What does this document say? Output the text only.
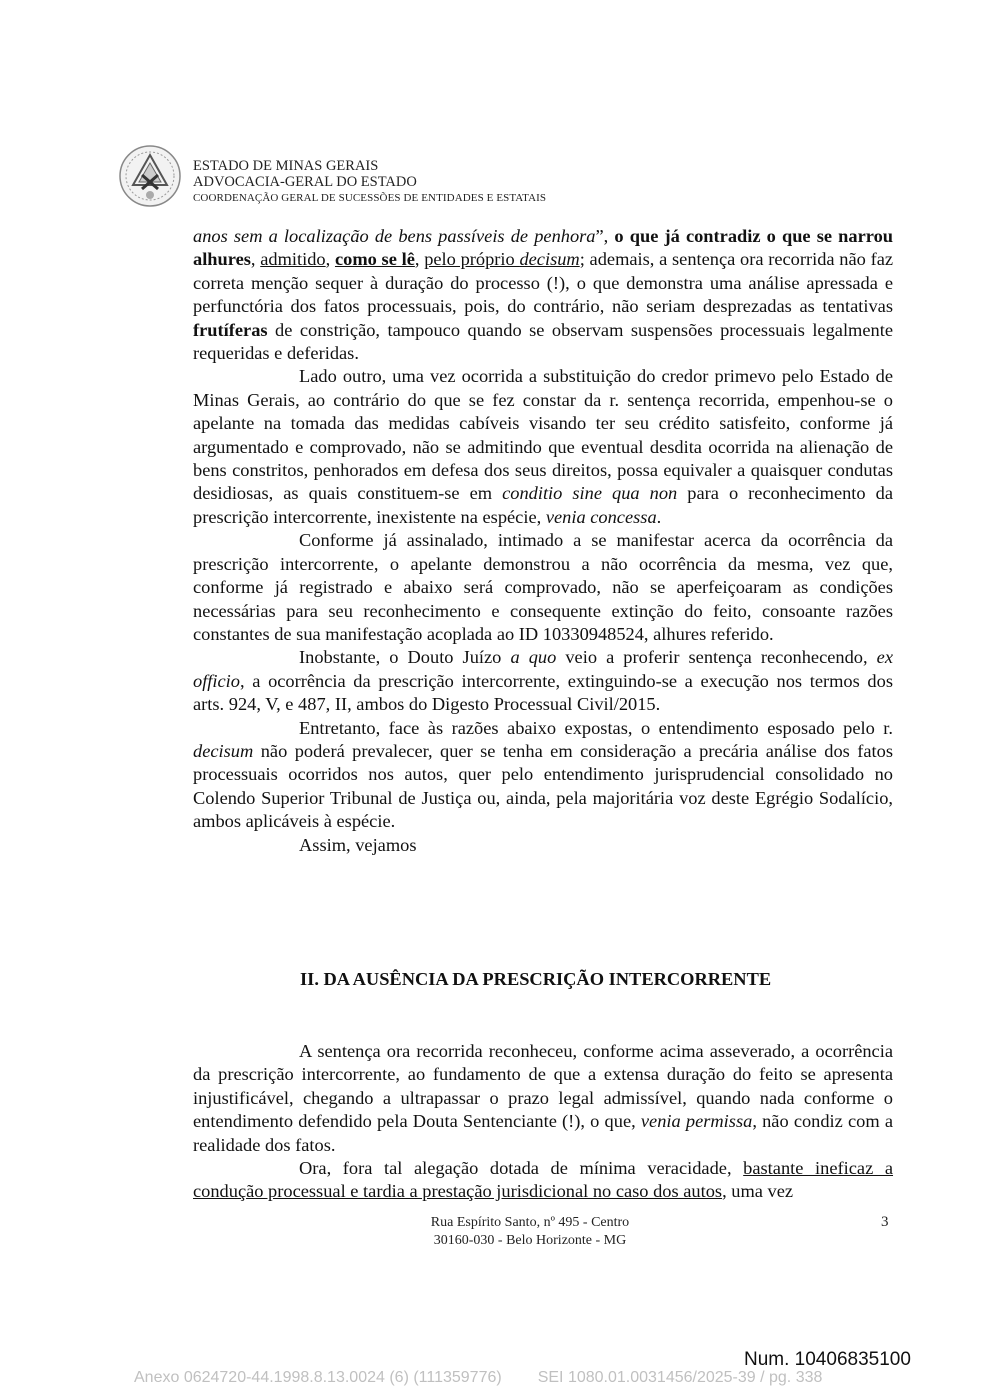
ESTADO DE MINAS GERAIS
ADVOCACIA-GERAL DO ESTADO
COORDENAÇÃO GERAL DE SUCESSÕES DE ENTIDADES E ESTATAIS

anos sem a localização de bens passíveis de penhora”, o que já contradiz o que se narrou alhures, admitido, como se lê, pelo próprio decisum; ademais, a sentença ora recorrida não faz correta menção sequer à duração do processo (!), o que demonstra uma análise apressada e perfunctória dos fatos processuais, pois, do contrário, não seriam desprezadas as tentativas frutíferas de constrição, tampouco quando se observam suspensões processuais legalmente requeridas e deferidas.

Lado outro, uma vez ocorrida a substituição do credor primevo pelo Estado de Minas Gerais, ao contrário do que se fez constar da r. sentença recorrida, empenhou-se o apelante na tomada das medidas cabíveis visando ter seu crédito satisfeito, conforme já argumentado e comprovado, não se admitindo que eventual desdita ocorrida na alienação de bens constritos, penhorados em defesa dos seus direitos, possa equivaler a quaisquer condutas desidiosas, as quais constituem-se em conditio sine qua non para o reconhecimento da prescrição intercorrente, inexistente na espécie, venia concessa.

Conforme já assinalado, intimado a se manifestar acerca da ocorrência da prescrição intercorrente, o apelante demonstrou a não ocorrência da mesma, vez que, conforme já registrado e abaixo será comprovado, não se aperfeiçoaram as condições necessárias para seu reconhecimento e consequente extinção do feito, consoante razões constantes de sua manifestação acoplada ao ID 10330948524, alhures referido.

Inobstante, o Douto Juízo a quo veio a proferir sentença reconhecendo, ex officio, a ocorrência da prescrição intercorrente, extinguindo-se a execução nos termos dos arts. 924, V, e 487, II, ambos do Digesto Processual Civil/2015.

Entretanto, face às razões abaixo expostas, o entendimento esposado pelo r. decisum não poderá prevalecer, quer se tenha em consideração a precária análise dos fatos processuais ocorridos nos autos, quer pelo entendimento jurisprudencial consolidado no Colendo Superior Tribunal de Justiça ou, ainda, pela majoritária voz deste Egrégio Sodalício, ambos aplicáveis à espécie.

Assim, vejamos

II. DA AUSÊNCIA DA PRESCRIÇÃO INTERCORRENTE

A sentença ora recorrida reconheceu, conforme acima asseverado, a ocorrência da prescrição intercorrente, ao fundamento de que a extensa duração do feito se apresenta injustificável, chegando a ultrapassar o prazo legal admissível, quando nada conforme o entendimento defendido pela Douta Sentenciante (!), o que, venia permissa, não condiz com a realidade dos fatos.

Ora, fora tal alegação dotada de mínima veracidade, bastante ineficaz a condução processual e tardia a prestação jurisdicional no caso dos autos, uma vez

Rua Espírito Santo, nº 495 - Centro
30160-030 - Belo Horizonte - MG
3
Num. 10406835100
Anexo 0624720-44.1998.8.13.0024 (6) (111359776) SEI 1080.01.0031456/2025-39 / pg. 338
